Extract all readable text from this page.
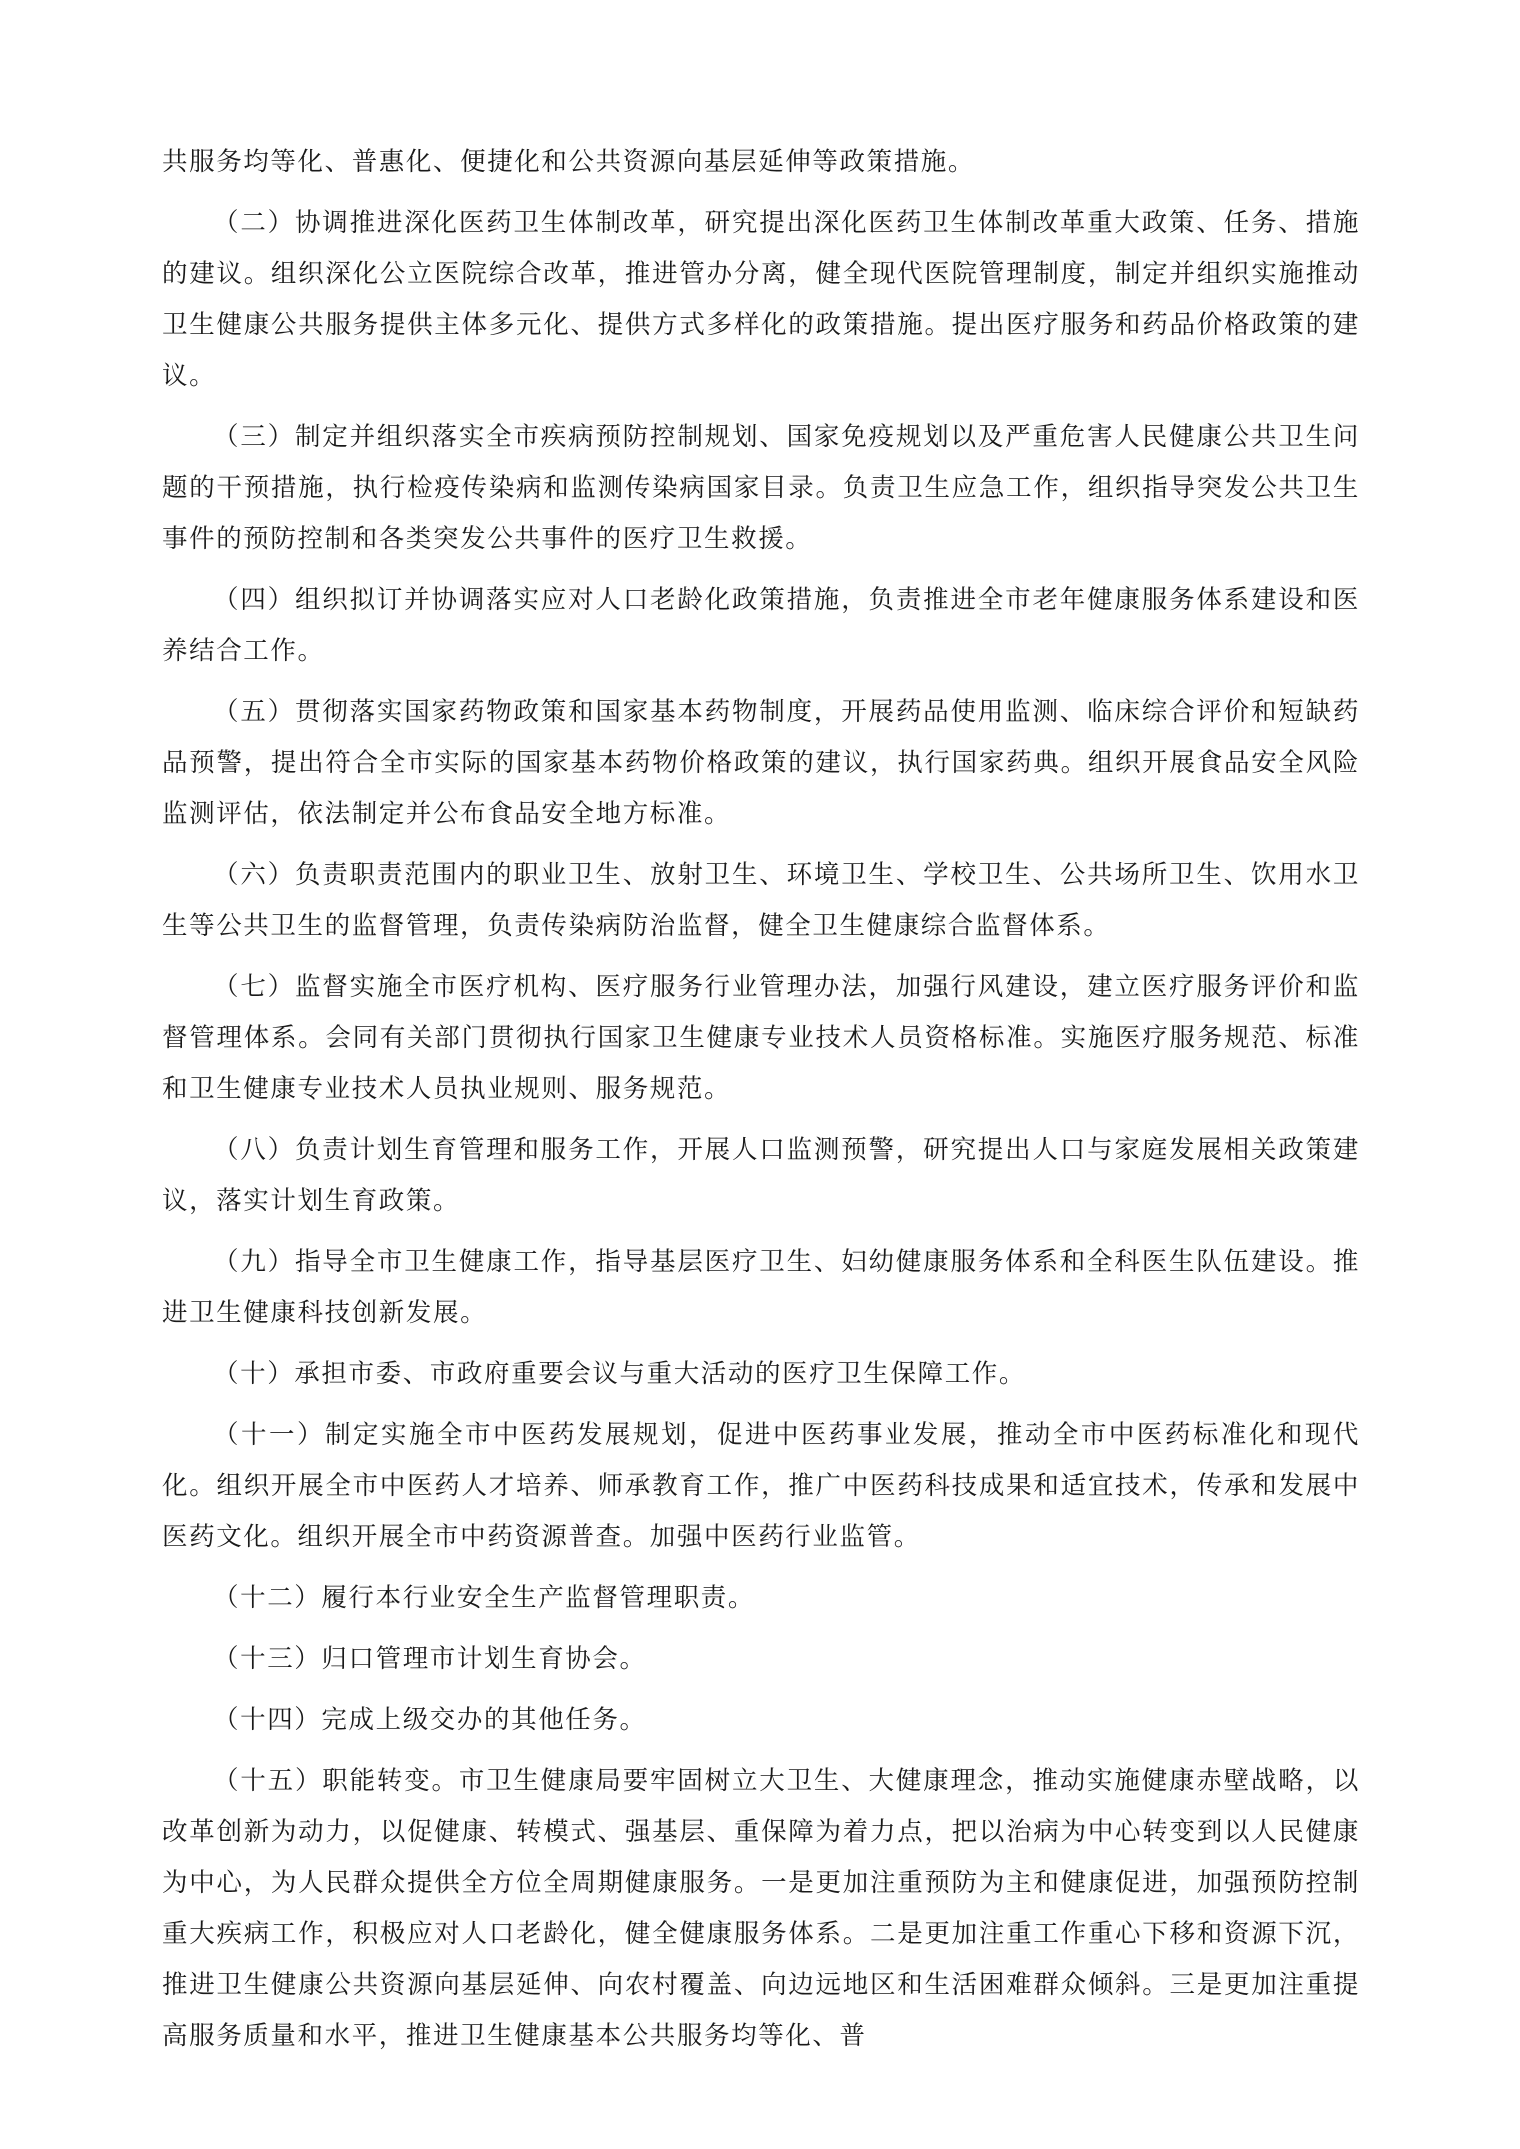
共服务均等化、普惠化、便捷化和公共资源向基层延伸等政策措施。

（二）协调推进深化医药卫生体制改革，研究提出深化医药卫生体制改革重大政策、任务、措施的建议。组织深化公立医院综合改革，推进管办分离，健全现代医院管理制度，制定并组织实施推动卫生健康公共服务提供主体多元化、提供方式多样化的政策措施。提出医疗服务和药品价格政策的建议。

（三）制定并组织落实全市疾病预防控制规划、国家免疫规划以及严重危害人民健康公共卫生问题的干预措施，执行检疫传染病和监测传染病国家目录。负责卫生应急工作，组织指导突发公共卫生事件的预防控制和各类突发公共事件的医疗卫生救援。

（四）组织拟订并协调落实应对人口老龄化政策措施，负责推进全市老年健康服务体系建设和医养结合工作。

（五）贯彻落实国家药物政策和国家基本药物制度，开展药品使用监测、临床综合评价和短缺药品预警，提出符合全市实际的国家基本药物价格政策的建议，执行国家药典。组织开展食品安全风险监测评估，依法制定并公布食品安全地方标准。

（六）负责职责范围内的职业卫生、放射卫生、环境卫生、学校卫生、公共场所卫生、饮用水卫生等公共卫生的监督管理，负责传染病防治监督，健全卫生健康综合监督体系。

（七）监督实施全市医疗机构、医疗服务行业管理办法，加强行风建设，建立医疗服务评价和监督管理体系。会同有关部门贯彻执行国家卫生健康专业技术人员资格标准。实施医疗服务规范、标准和卫生健康专业技术人员执业规则、服务规范。

（八）负责计划生育管理和服务工作，开展人口监测预警，研究提出人口与家庭发展相关政策建议，落实计划生育政策。

（九）指导全市卫生健康工作，指导基层医疗卫生、妇幼健康服务体系和全科医生队伍建设。推进卫生健康科技创新发展。

（十）承担市委、市政府重要会议与重大活动的医疗卫生保障工作。

（十一）制定实施全市中医药发展规划，促进中医药事业发展，推动全市中医药标准化和现代化。组织开展全市中医药人才培养、师承教育工作，推广中医药科技成果和适宜技术，传承和发展中医药文化。组织开展全市中药资源普查。加强中医药行业监管。

（十二）履行本行业安全生产监督管理职责。

（十三）归口管理市计划生育协会。

（十四）完成上级交办的其他任务。

（十五）职能转变。市卫生健康局要牢固树立大卫生、大健康理念，推动实施健康赤壁战略，以改革创新为动力，以促健康、转模式、强基层、重保障为着力点，把以治病为中心转变到以人民健康为中心，为人民群众提供全方位全周期健康服务。一是更加注重预防为主和健康促进，加强预防控制重大疾病工作，积极应对人口老龄化，健全健康服务体系。二是更加注重工作重心下移和资源下沉，推进卫生健康公共资源向基层延伸、向农村覆盖、向边远地区和生活困难群众倾斜。三是更加注重提高服务质量和水平，推进卫生健康基本公共服务均等化、普
